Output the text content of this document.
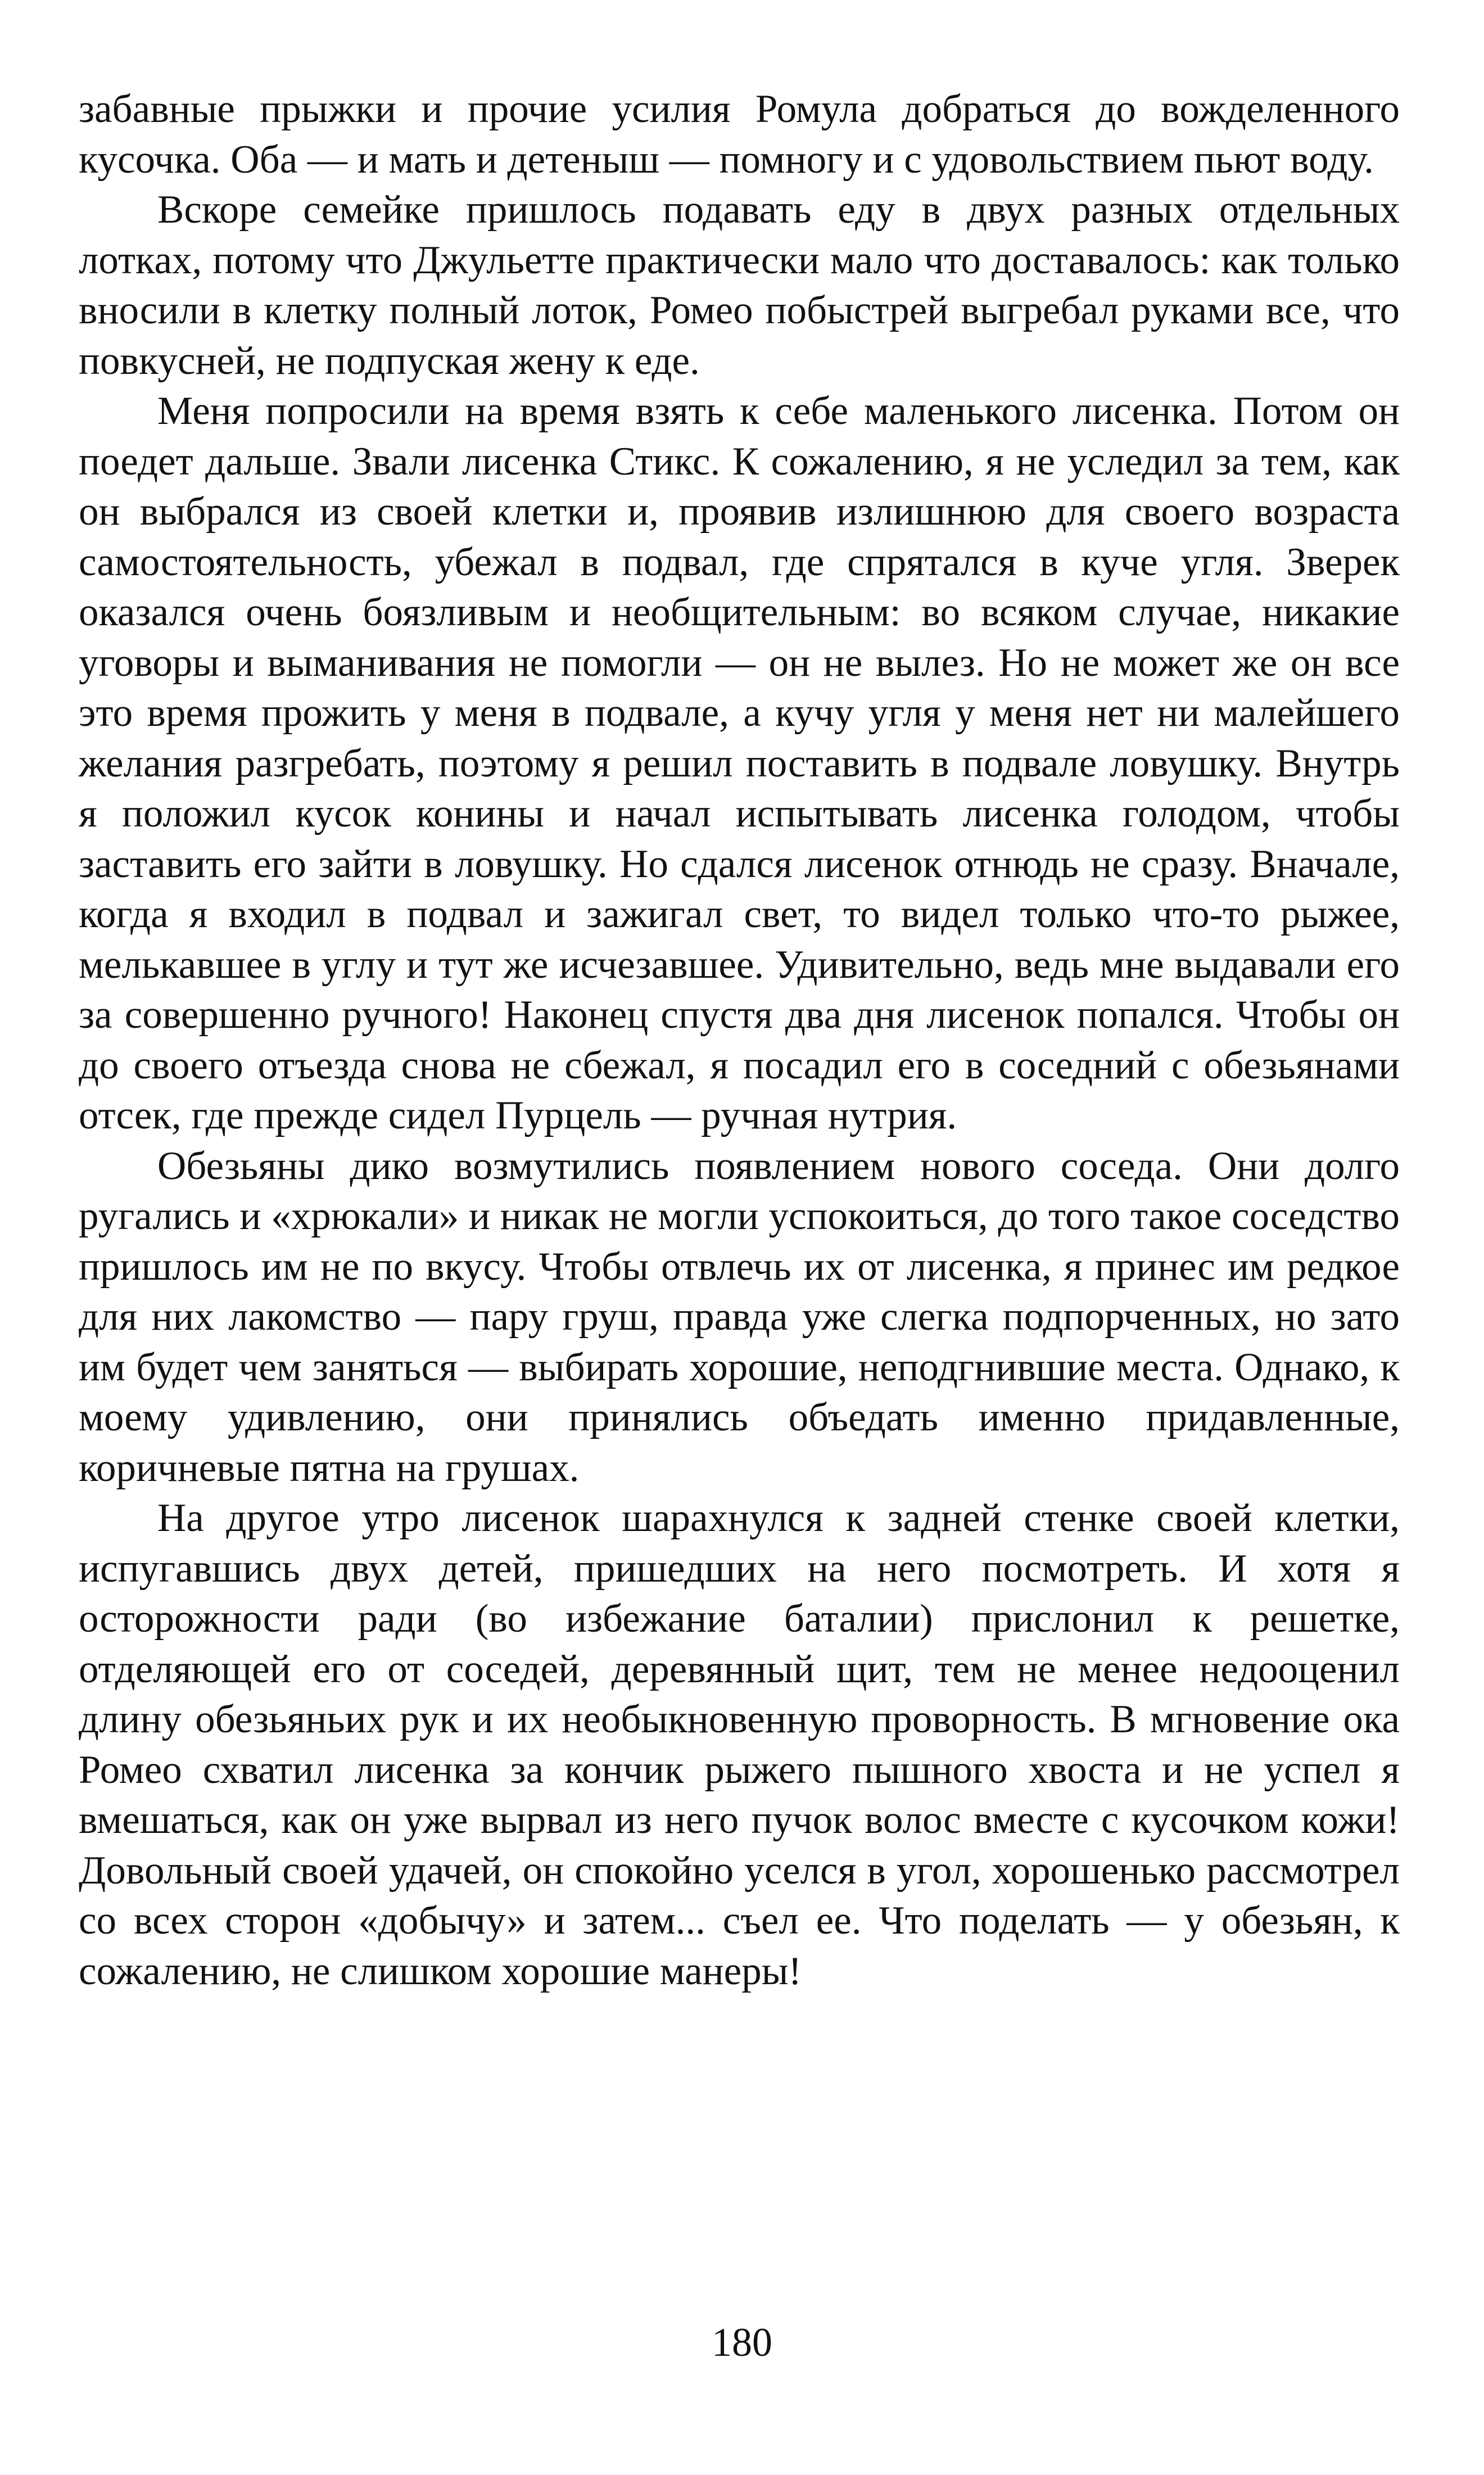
забавные прыжки и прочие усилия Ромула добраться до вожделенного кусочка. Оба — и мать и детеныш — помногу и с удовольствием пьют воду.

Вскоре семейке пришлось подавать еду в двух разных отдельных лотках, потому что Джульетте практически мало что доставалось: как только вносили в клетку полный лоток, Ромео побыстрей выгребал руками все, что повкусней, не подпуская жену к еде.

Меня попросили на время взять к себе маленького лисенка. Потом он поедет дальше. Звали лисенка Стикс. К сожалению, я не уследил за тем, как он выбрался из своей клетки и, проявив излишнюю для своего возраста самостоятельность, убежал в подвал, где спрятался в куче угля. Зверек оказался очень боязливым и необщительным: во всяком случае, никакие уговоры и выманивания не помогли — он не вылез. Но не может же он все это время прожить у меня в подвале, а кучу угля у меня нет ни малейшего желания разгребать, поэтому я решил поставить в подвале ловушку. Внутрь я положил кусок конины и начал испытывать лисенка голодом, чтобы заставить его зайти в ловушку. Но сдался лисенок отнюдь не сразу. Вначале, когда я входил в подвал и зажигал свет, то видел только что-то рыжее, мелькавшее в углу и тут же исчезавшее. Удивительно, ведь мне выдавали его за совершенно ручного! Наконец спустя два дня лисенок попался. Чтобы он до своего отъезда снова не сбежал, я посадил его в соседний с обезьянами отсек, где прежде сидел Пурцель — ручная нутрия.

Обезьяны дико возмутились появлением нового соседа. Они долго ругались и «хрюкали» и никак не могли успокоиться, до того такое соседство пришлось им не по вкусу. Чтобы отвлечь их от лисенка, я принес им редкое для них лакомство — пару груш, правда уже слегка подпорченных, но зато им будет чем заняться — выбирать хорошие, неподгнившие места. Однако, к моему удивлению, они принялись объедать именно придавленные, коричневые пятна на грушах.

На другое утро лисенок шарахнулся к задней стенке своей клетки, испугавшись двух детей, пришедших на него посмотреть. И хотя я осторожности ради (во избежание баталии) прислонил к решетке, отделяющей его от соседей, деревянный щит, тем не менее недооценил длину обезьяньих рук и их необыкновенную проворность. В мгновение ока Ромео схватил лисенка за кончик рыжего пышного хвоста и не успел я вмешаться, как он уже вырвал из него пучок волос вместе с кусочком кожи! Довольный своей удачей, он спокойно уселся в угол, хорошенько рассмотрел со всех сторон «добычу» и затем... съел ее. Что поделать — у обезьян, к сожалению, не слишком хорошие манеры!

180
